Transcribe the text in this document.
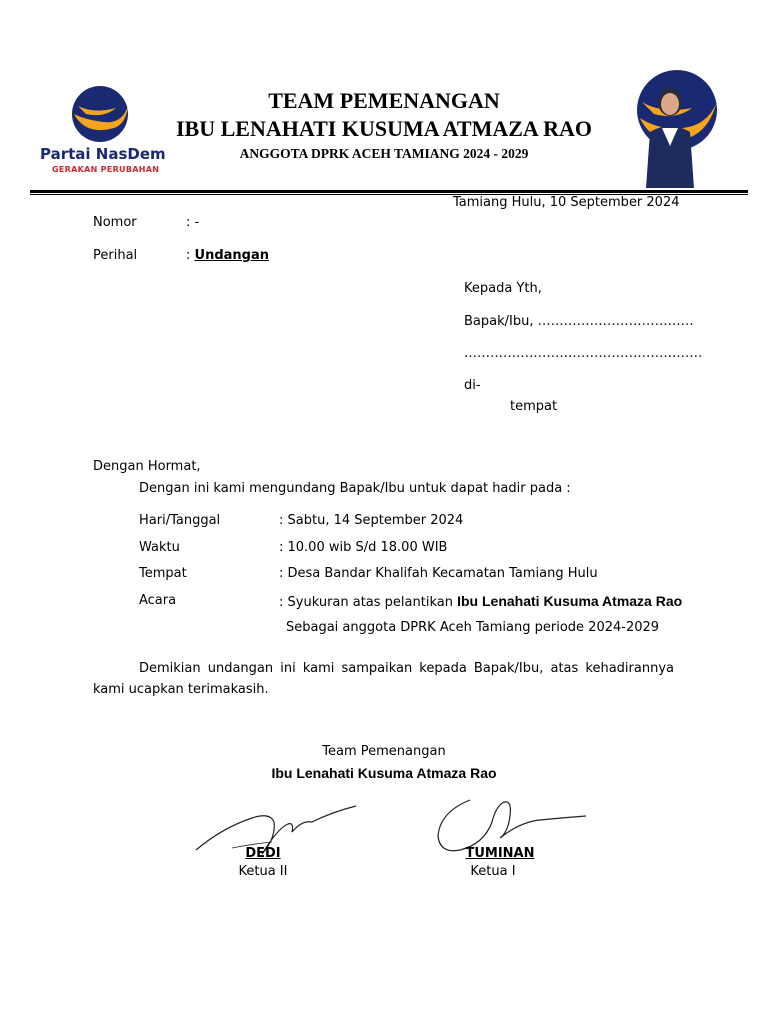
Partai NasDem
GERAKAN PERUBAHAN
TEAM PEMENANGAN
IBU LENAHATI KUSUMA ATMAZA RAO
ANGGOTA DPRK ACEH TAMIANG 2024 - 2029
Tamiang Hulu, 10 September 2024
Nomor	: -
Perihal	: Undangan
Kepada Yth,
Bapak/Ibu, ………………………………
……………………………………………….
di-
tempat
Dengan Hormat,
Dengan ini kami mengundang Bapak/Ibu untuk dapat hadir pada :
Hari/Tanggal	: Sabtu, 14 September 2024
Waktu	: 10.00 wib S/d 18.00 WIB
Tempat	: Desa Bandar Khalifah Kecamatan Tamiang Hulu
Acara	: Syukuran atas pelantikan Ibu Lenahati Kusuma Atmaza Rao
Sebagai anggota DPRK Aceh Tamiang periode 2024-2029
Demikian undangan ini kami sampaikan kepada Bapak/Ibu, atas kehadirannya kami ucapkan terimakasih.
Team Pemenangan
Ibu Lenahati Kusuma Atmaza Rao
DEDI
Ketua II
TUMINAN
Ketua I
